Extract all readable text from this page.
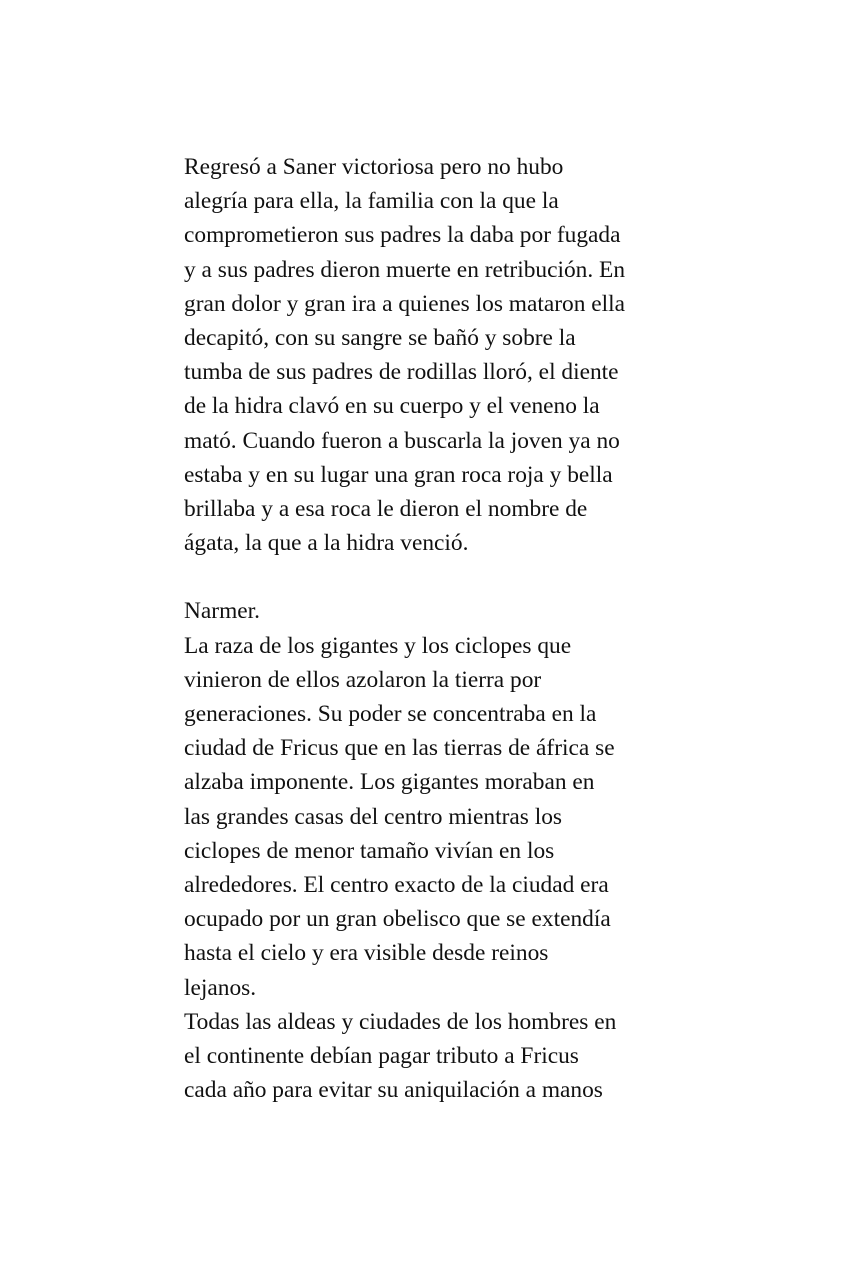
Regresó a Saner victoriosa pero no hubo
alegría para ella, la familia con la que la
comprometieron sus padres la daba por fugada
y a sus padres dieron muerte en retribución. En
gran dolor y gran ira a quienes los mataron ella
decapitó, con su sangre se bañó y sobre la
tumba de sus padres de rodillas lloró, el diente
de la hidra clavó en su cuerpo y el veneno la
mató. Cuando fueron a buscarla la joven ya no
estaba y en su lugar una gran roca roja y bella
brillaba y a esa roca le dieron el nombre de
ágata, la que a la hidra venció.
Narmer.
La raza de los gigantes y los ciclopes que
vinieron de ellos azolaron la tierra por
generaciones. Su poder se concentraba en la
ciudad de Fricus que en las tierras de áfrica se
alzaba imponente. Los gigantes moraban en
las grandes casas del centro mientras los
ciclopes de menor tamaño vivían en los
alrededores. El centro exacto de la ciudad era
ocupado por un gran obelisco que se extendía
hasta el cielo y era visible desde reinos
lejanos.
Todas las aldeas y ciudades de los hombres en
el continente debían pagar tributo a Fricus
cada año para evitar su aniquilación a manos
